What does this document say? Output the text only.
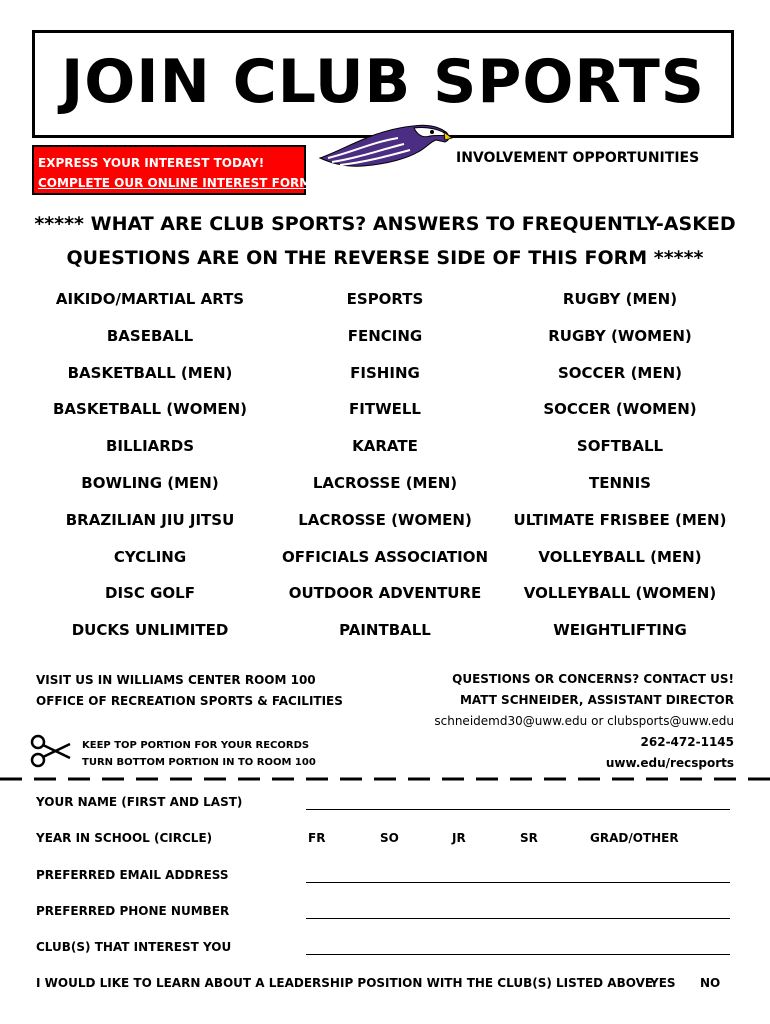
JOIN CLUB SPORTS
EXPRESS YOUR INTEREST TODAY!
COMPLETE OUR ONLINE INTEREST FORM
INVOLVEMENT OPPORTUNITIES
***** WHAT ARE CLUB SPORTS? ANSWERS TO FREQUENTLY-ASKED
QUESTIONS ARE ON THE REVERSE SIDE OF THIS FORM *****
AIKIDO/MARTIAL ARTS	ESPORTS	RUGBY (MEN)
BASEBALL	FENCING	RUGBY (WOMEN)
BASKETBALL (MEN)	FISHING	SOCCER (MEN)
BASKETBALL (WOMEN)	FITWELL	SOCCER (WOMEN)
BILLIARDS	KARATE	SOFTBALL
BOWLING (MEN)	LACROSSE (MEN)	TENNIS
BRAZILIAN JIU JITSU	LACROSSE (WOMEN)	ULTIMATE FRISBEE (MEN)
CYCLING	OFFICIALS ASSOCIATION	VOLLEYBALL (MEN)
DISC GOLF	OUTDOOR ADVENTURE	VOLLEYBALL (WOMEN)
DUCKS UNLIMITED	PAINTBALL	WEIGHTLIFTING
VISIT US IN WILLIAMS CENTER ROOM 100
OFFICE OF RECREATION SPORTS & FACILITIES
QUESTIONS OR CONCERNS? CONTACT US!
MATT SCHNEIDER, ASSISTANT DIRECTOR
schneidemd30@uww.edu or clubsports@uww.edu
262-472-1145
uww.edu/recsports
KEEP TOP PORTION FOR YOUR RECORDS
TURN BOTTOM PORTION IN TO ROOM 100
YOUR NAME (FIRST AND LAST)
YEAR IN SCHOOL (CIRCLE)	FR	SO	JR	SR	GRAD/OTHER
PREFERRED EMAIL ADDRESS
PREFERRED PHONE NUMBER
CLUB(S) THAT INTEREST YOU
I WOULD LIKE TO LEARN ABOUT A LEADERSHIP POSITION WITH THE CLUB(S) LISTED ABOVE
YES NO
